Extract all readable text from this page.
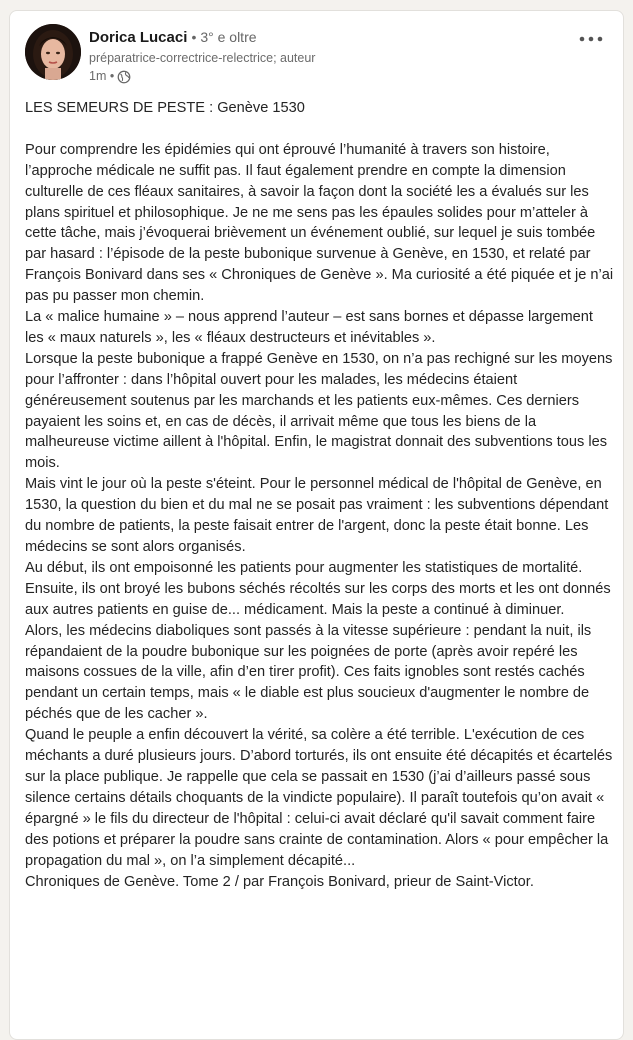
Dorica Lucaci • 3° e oltre
préparatrice-correctrice-relectrice; auteur
1m •

LES SEMEURS DE PESTE : Genève 1530

Pour comprendre les épidémies qui ont éprouvé l’humanité à travers son histoire, l’approche médicale ne suffit pas. Il faut également prendre en compte la dimension culturelle de ces fléaux sanitaires, à savoir la façon dont la société les a évalués sur les plans spirituel et philosophique. Je ne me sens pas les épaules solides pour m’atteler à cette tâche, mais j’évoquerai brièvement un événement oublié, sur lequel je suis tombée par hasard : l’épisode de la peste bubonique survenue à Genève, en 1530, et relaté par François Bonivard dans ses « Chroniques de Genève ». Ma curiosité a été piquée et je n’ai pas pu passer mon chemin.

La « malice humaine » – nous apprend l’auteur – est sans bornes et dépasse largement les « maux naturels », les « fléaux destructeurs et inévitables ».

Lorsque la peste bubonique a frappé Genève en 1530, on n’a pas rechigné sur les moyens pour l’affronter : dans l’hôpital ouvert pour les malades, les médecins étaient généreusement soutenus par les marchands et les patients eux-mêmes. Ces derniers payaient les soins et, en cas de décès, il arrivait même que tous les biens de la malheureuse victime aillent à l'hôpital. Enfin, le magistrat donnait des subventions tous les mois.

Mais vint le jour où la peste s'éteint. Pour le personnel médical de l'hôpital de Genève, en 1530, la question du bien et du mal ne se posait pas vraiment : les subventions dépendant du nombre de patients, la peste faisait entrer de l'argent, donc la peste était bonne. Les médecins se sont alors organisés.

Au début, ils ont empoisonné les patients pour augmenter les statistiques de mortalité. Ensuite, ils ont broyé les bubons séchés récoltés sur les corps des morts et les ont donnés aux autres patients en guise de... médicament. Mais la peste a continué à diminuer.

Alors, les médecins diaboliques sont passés à la vitesse supérieure : pendant la nuit, ils répandaient de la poudre bubonique sur les poignées de porte (après avoir repéré les maisons cossues de la ville, afin d’en tirer profit). Ces faits ignobles sont restés cachés pendant un certain temps, mais « le diable est plus soucieux d'augmenter le nombre de péchés que de les cacher ».

Quand le peuple a enfin découvert la vérité, sa colère a été terrible. L'exécution de ces méchants a duré plusieurs jours. D’abord torturés, ils ont ensuite été décapités et écartelés sur la place publique. Je rappelle que cela se passait en 1530 (j’ai d’ailleurs passé sous silence certains détails choquants de la vindicte populaire). Il paraît toutefois qu’on avait « épargné » le fils du directeur de l'hôpital : celui-ci avait déclaré qu'il savait comment faire des potions et préparer la poudre sans crainte de contamination. Alors « pour empêcher la propagation du mal », on l’a simplement décapité...

Chroniques de Genève. Tome 2 / par François Bonivard, prieur de Saint-Victor.
